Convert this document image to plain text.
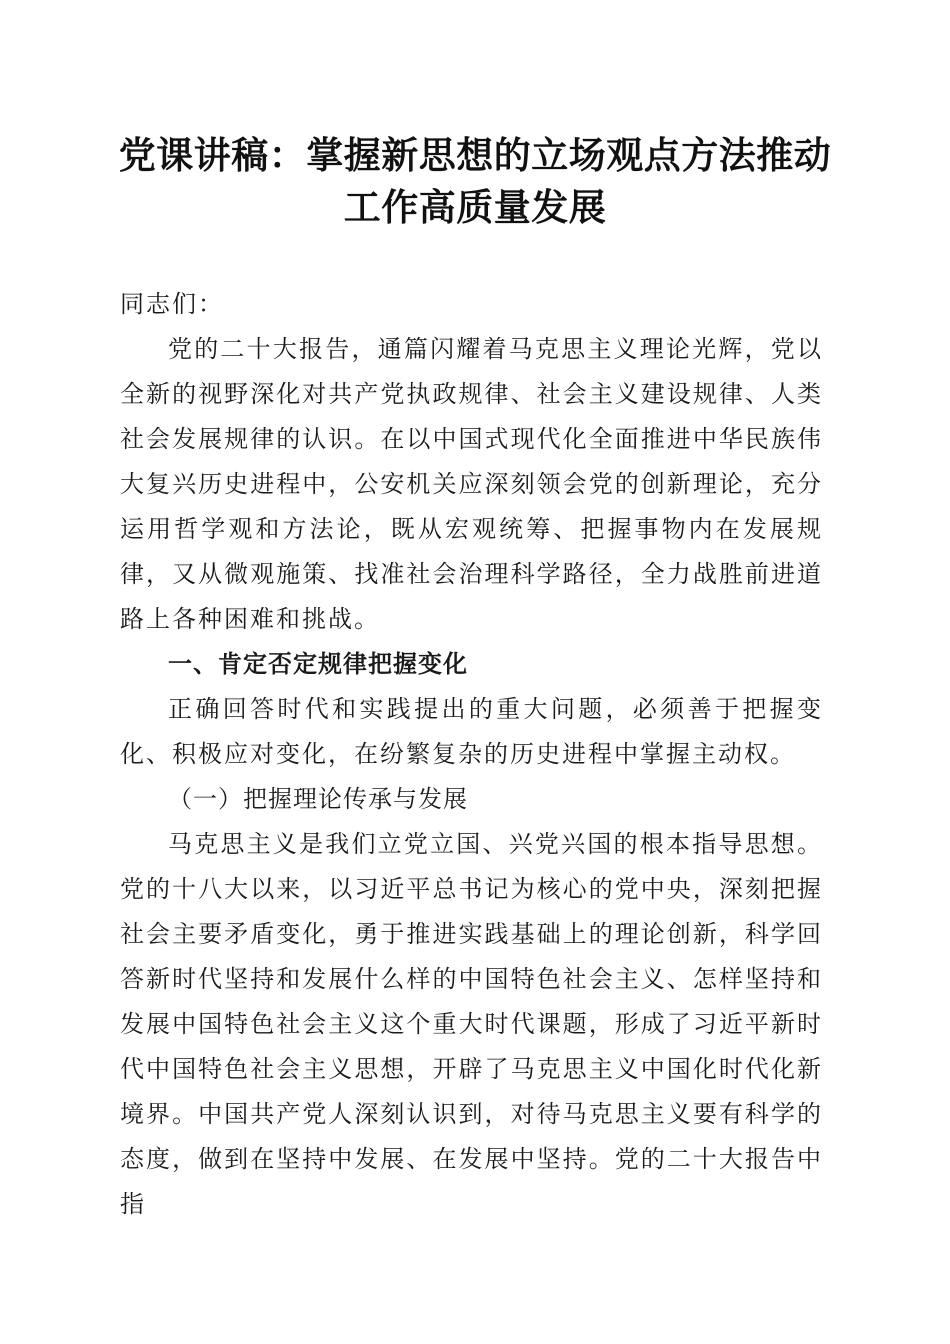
党课讲稿：掌握新思想的立场观点方法推动工作高质量发展

同志们：

党的二十大报告，通篇闪耀着马克思主义理论光辉，党以全新的视野深化对共产党执政规律、社会主义建设规律、人类社会发展规律的认识。在以中国式现代化全面推进中华民族伟大复兴历史进程中，公安机关应深刻领会党的创新理论，充分运用哲学观和方法论，既从宏观统筹、把握事物内在发展规律，又从微观施策、找准社会治理科学路径，全力战胜前进道路上各种困难和挑战。

一、肯定否定规律把握变化

正确回答时代和实践提出的重大问题，必须善于把握变化、积极应对变化，在纷繁复杂的历史进程中掌握主动权。

（一）把握理论传承与发展

马克思主义是我们立党立国、兴党兴国的根本指导思想。党的十八大以来，以习近平总书记为核心的党中央，深刻把握社会主要矛盾变化，勇于推进实践基础上的理论创新，科学回答新时代坚持和发展什么样的中国特色社会主义、怎样坚持和发展中国特色社会主义这个重大时代课题，形成了习近平新时代中国特色社会主义思想，开辟了马克思主义中国化时代化新境界。中国共产党人深刻认识到，对待马克思主义要有科学的态度，做到在坚持中发展、在发展中坚持。党的二十大报告中指
